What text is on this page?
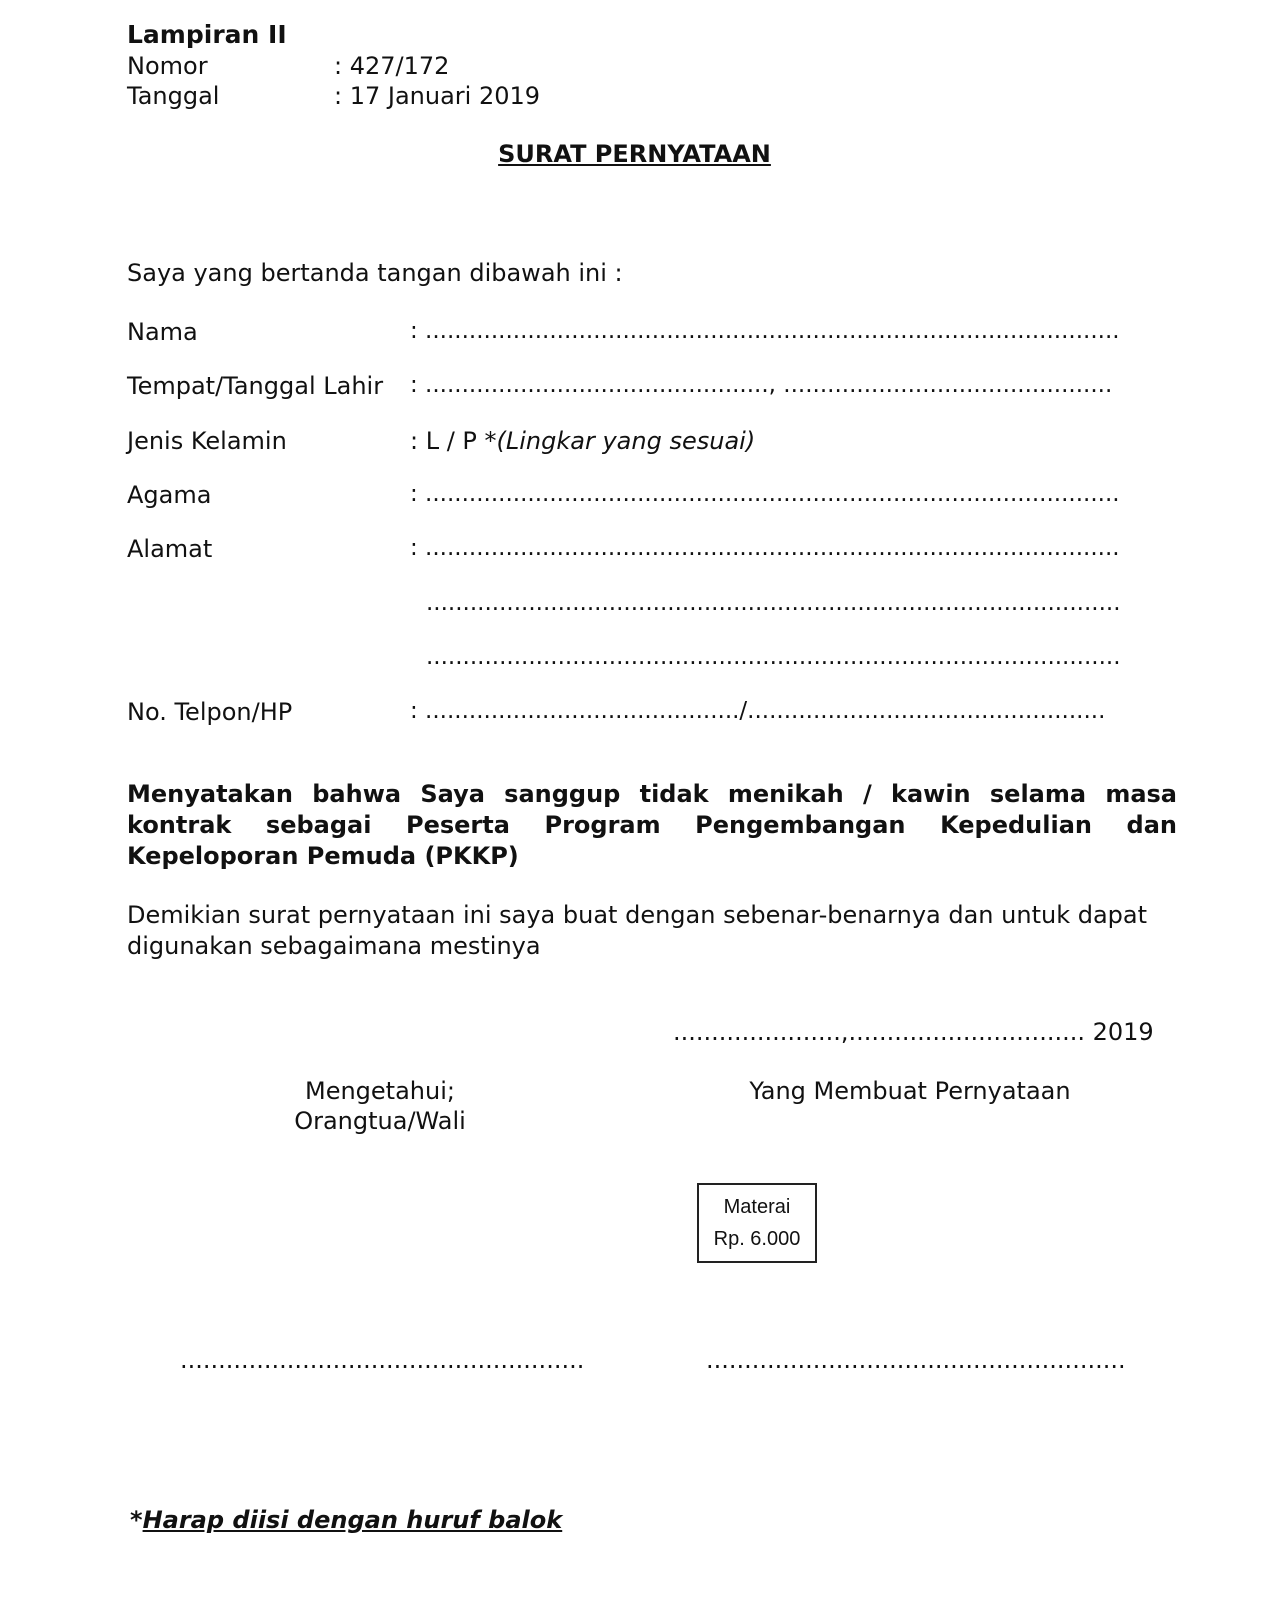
Lampiran II
Nomor	: 427/172
Tanggal	: 17 Januari 2019
SURAT PERNYATAAN
Saya yang bertanda tangan dibawah ini :
Nama	: ...............................................................................................
Tempat/Tanggal Lahir : ..............................................., .............................................
Jenis Kelamin	: L / P *(Lingkar yang sesuai)
Agama	: ...............................................................................................
Alamat	: ...............................................................................................
...............................................................................................
...............................................................................................
No. Telpon/HP	: .........................................../.................................................
Menyatakan bahwa Saya sanggup tidak menikah / kawin selama masa kontrak sebagai Peserta Program Pengembangan Kepedulian dan Kepeloporan Pemuda (PKKP)
Demikian surat pernyataan ini saya buat dengan sebenar-benarnya dan untuk dapat digunakan sebagaimana mestinya
......................,............................... 2019
Mengetahui;
Orangtua/Wali
Yang Membuat Pernyataan
Materai
Rp. 6.000
.....................................................	.......................................................
*Harap diisi dengan huruf balok
